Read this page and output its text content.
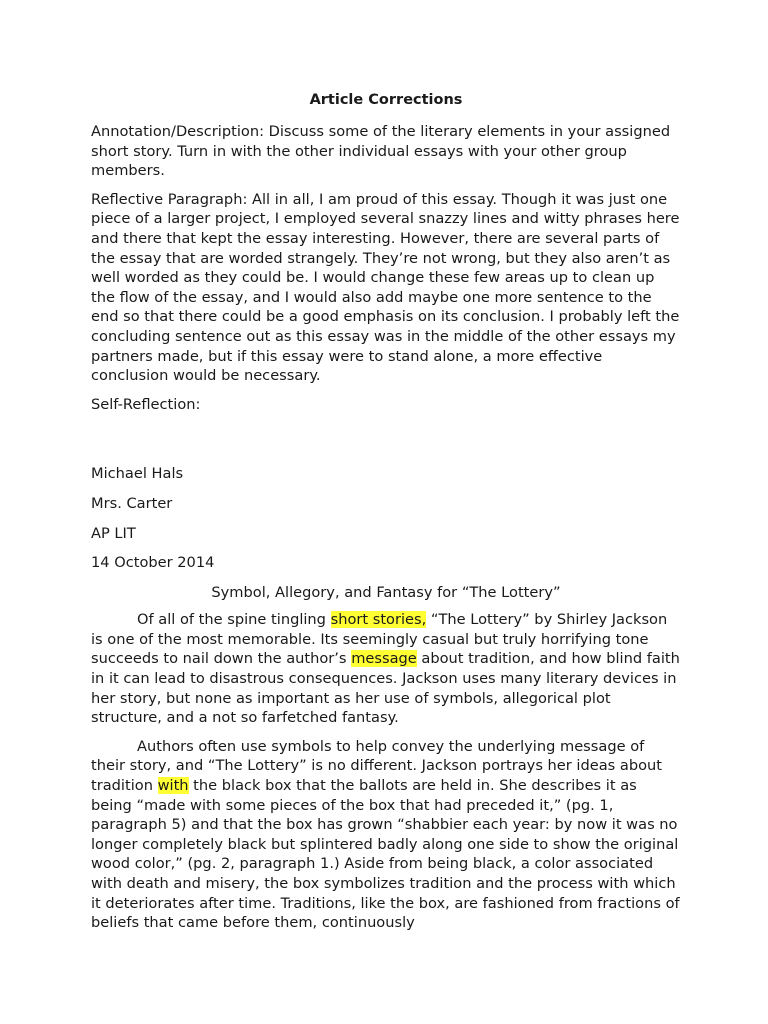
Article Corrections

Annotation/Description: Discuss some of the literary elements in your assigned short story. Turn in with the other individual essays with your other group members.

Reflective Paragraph: All in all, I am proud of this essay. Though it was just one piece of a larger project, I employed several snazzy lines and witty phrases here and there that kept the essay interesting. However, there are several parts of the essay that are worded strangely. They’re not wrong, but they also aren’t as well worded as they could be. I would change these few areas up to clean up the flow of the essay, and I would also add maybe one more sentence to the end so that there could be a good emphasis on its conclusion. I probably left the concluding sentence out as this essay was in the middle of the other essays my partners made, but if this essay were to stand alone, a more effective conclusion would be necessary.

Self-Reflection:

Michael Hals

Mrs. Carter

AP LIT

14 October 2014

Symbol, Allegory, and Fantasy for “The Lottery”

Of all of the spine tingling short stories, “The Lottery” by Shirley Jackson is one of the most memorable. Its seemingly casual but truly horrifying tone succeeds to nail down the author’s message about tradition, and how blind faith in it can lead to disastrous consequences. Jackson uses many literary devices in her story, but none as important as her use of symbols, allegorical plot structure, and a not so farfetched fantasy.

Authors often use symbols to help convey the underlying message of their story, and “The Lottery” is no different. Jackson portrays her ideas about tradition with the black box that the ballots are held in. She describes it as being “made with some pieces of the box that had preceded it,” (pg. 1, paragraph 5) and that the box has grown “shabbier each year: by now it was no longer completely black but splintered badly along one side to show the original wood color,” (pg. 2, paragraph 1.) Aside from being black, a color associated with death and misery, the box symbolizes tradition and the process with which it deteriorates after time. Traditions, like the box, are fashioned from fractions of beliefs that came before them, continuously
